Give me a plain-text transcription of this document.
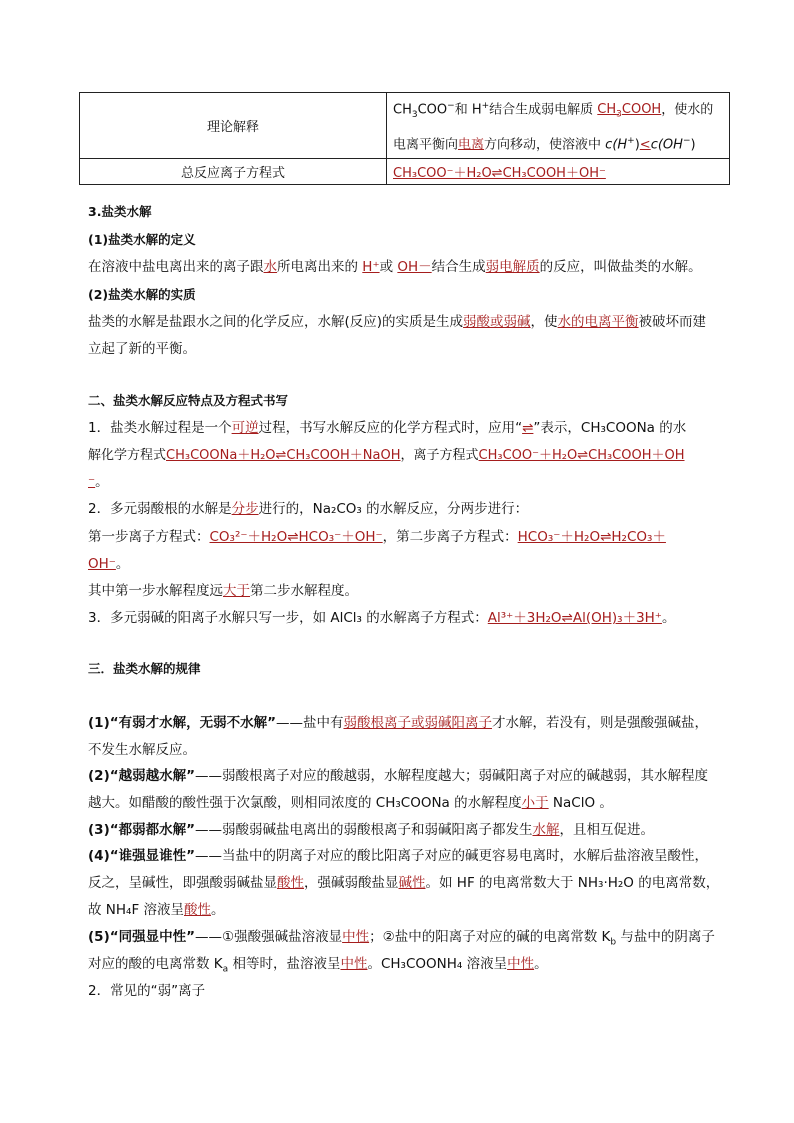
理论解释	$CH_3COO^-$和 H+结合生成弱电解质 $CH_3COOH$，使水的
电离平衡向电离方向移动，使溶液中 c(H+)<c(OH−)
总反应离子方程式	CH₃COO⁻＋H₂O⇌CH₃COOH＋OH⁻
3.盐类水解
(1)盐类水解的定义
在溶液中盐电离出来的离子跟水所电离出来的 H⁺或 OH－结合生成弱电解质的反应，叫做盐类的水解。
(2)盐类水解的实质
盐类的水解是盐跟水之间的化学反应，水解(反应)的实质是生成弱酸或弱碱，使水的电离平衡被破坏而建
立起了新的平衡。
二、盐类水解反应特点及方程式书写
1．盐类水解过程是一个可逆过程，书写水解反应的化学方程式时，应用“⇌”表示，CH₃COONa 的水
解化学方程式CH₃COONa＋H₂O⇌CH₃COOH＋NaOH，离子方程式CH₃COO⁻＋H₂O⇌CH₃COOH＋OH
⁻。
2．多元弱酸根的水解是分步进行的，Na₂CO₃ 的水解反应，分两步进行：
第一步离子方程式：CO₃²⁻＋H₂O⇌HCO₃⁻＋OH⁻，第二步离子方程式：HCO₃⁻＋H₂O⇌H₂CO₃＋
OH⁻。
其中第一步水解程度远大于第二步水解程度。
3．多元弱碱的阳离子水解只写一步，如 AlCl₃ 的水解离子方程式：Al³⁺＋3H₂O⇌Al(OH)₃＋3H⁺。
三．盐类水解的规律
(1)“有弱才水解，无弱不水解”——盐中有弱酸根离子或弱碱阳离子才水解，若没有，则是强酸强碱盐，
不发生水解反应。
(2)“越弱越水解”——弱酸根离子对应的酸越弱，水解程度越大；弱碱阳离子对应的碱越弱，其水解程度
越大。如醋酸的酸性强于次氯酸，则相同浓度的 CH₃COONa 的水解程度小于 NaClO 。
(3)“都弱都水解”——弱酸弱碱盐电离出的弱酸根离子和弱碱阳离子都发生水解，且相互促进。
(4)“谁强显谁性”——当盐中的阴离子对应的酸比阳离子对应的碱更容易电离时，水解后盐溶液呈酸性，
反之，呈碱性，即强酸弱碱盐显酸性，强碱弱酸盐显碱性。如 HF 的电离常数大于 NH₃·H₂O 的电离常数，
故 NH₄F 溶液呈酸性。
(5)“同强显中性”——①强酸强碱盐溶液显中性；②盐中的阳离子对应的碱的电离常数 $K_b$ 与盐中的阴离子
对应的酸的电离常数 $K_a$ 相等时，盐溶液呈中性。CH₃COONH₄ 溶液呈中性。
2．常见的“弱”离子
